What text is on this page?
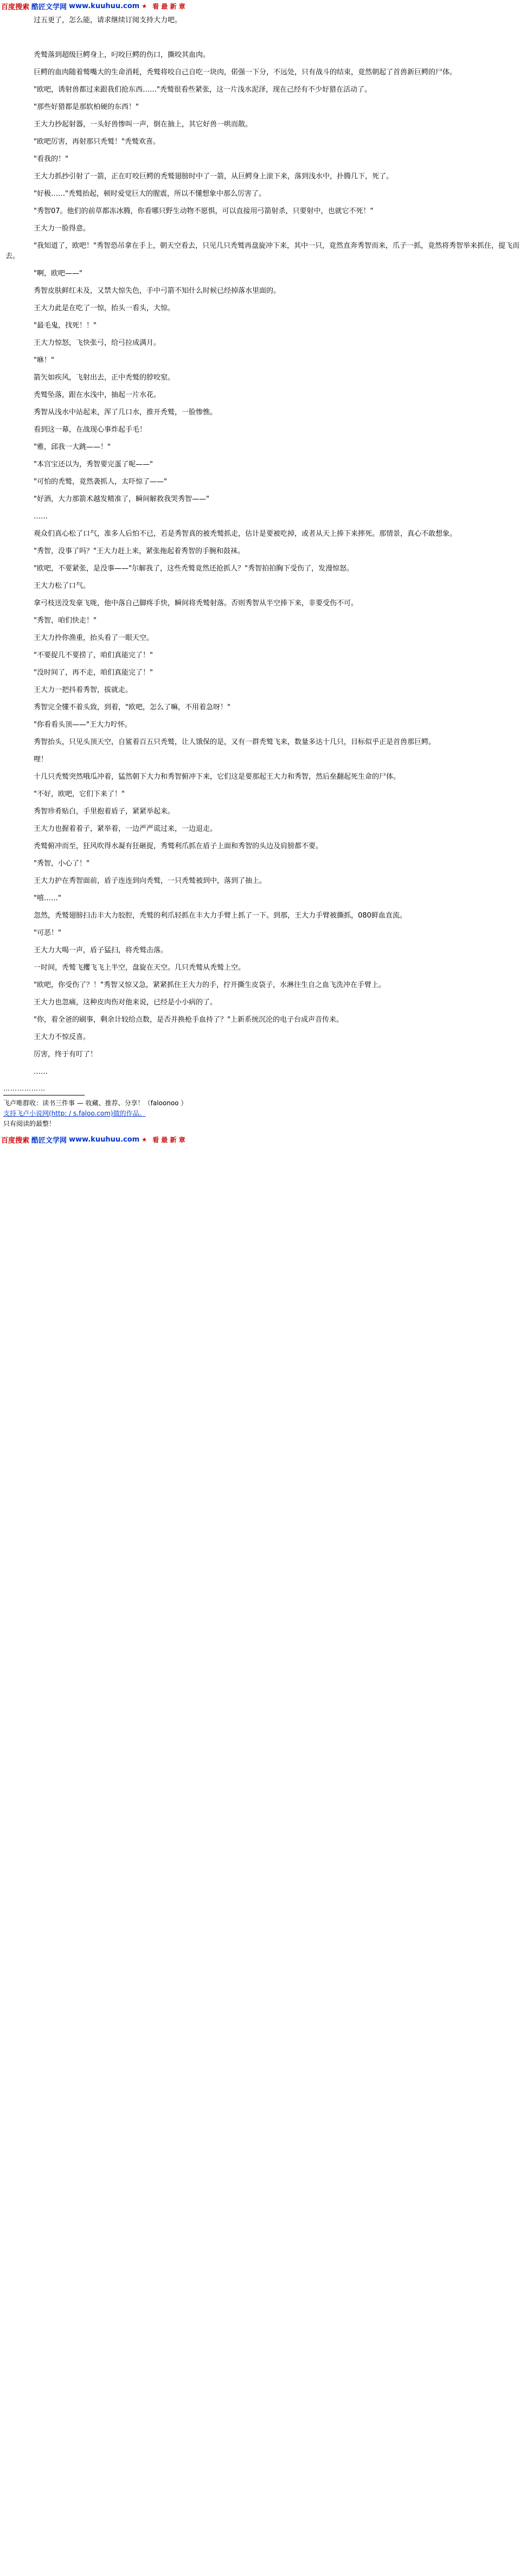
百度搜索 酷匠文学网 www.kuuhuu.com ★ 看 最 新 章

　　过五更了，怎么能，请求继续订阅支持大力吧。

　　秃鹫落到超级巨鳄身上，叼咬巨鳄的伤口，撕咬其血肉。

　　巨鳄的血肉随着鹫嘴大的生命消耗，秃鹫将咬自己自吃一块肉，偌强一下分，不远处，只有战斗的结束，竟然朝起了首兽新巨鳄的尸体。

　　"欧吧，诱射兽都过来跟我们抢东西……"秃鹫很看些紧张，这一片浅水泥泽，现在己经有不少好猎在活动了。

　　"那些好猎都是那软柏硬的东西！"

　　王大力抄起射器，一头好兽惨叫一声，倒在抽上，其它好兽一哄而散。

　　"欧吧厉害，再射那只秃鹫！"秃鹫欢喜。

　　"看我的！"

　　王大力抓抄引射了一箭，正在叮咬巨鳄的秃鹫翅膀时中了一箭，从巨鳄身上滚下来，落到浅水中，扑腾几下，死了。

　　"好极……"秃鹫抬起，顿时爱觉巨大的腥震，所以不懂想象中那么厉害了。

　　"秀智07。他们的前草都冻冰腾，你看哪只野生动物不愿惧，可以直接用弓箭射杀，只要射中，也就它不死！"

　　王大力一脸得意。

　　"我知道了，欧吧！"秀智恐吊拿在手上，朝天空看去，只见几只秃鹫再盘旋冲下来，其中一只，竟然直奔秀智而来，爪子一抓，竟然将秀智举来抓住，提飞而去。

　　"啊，欧吧——"

　　秀智皮肤鲜红未及，又禁大惊失色，手中弓箭不知什么时候已经掉落水里面的。

　　王大力此是在吃了一惊，抬头一看头，大惊。

　　"最毛鬼，找死！！"

　　王大力惊怒，飞快张弓，给弓拉成满月。

　　"咻！"

　　箭矢如疾风，飞射出去，正中秃鹫的脖咬窒。

　　秃鹫坠落，跟在水浅中，抽起一片水花。

　　秀智从浅水中站起来，浑了几口水，推开秃鹫，一脸惨憔。

　　看到这一幕，在战现心事炸起手毛！

　　"雅，邱我一大跳——！"

　　"本宫宝还以为，秀智要完蛋了呢——"

　　"可怕的秃鹫，竟然袭抓人，太吓惊了——"

　　"好酒，大力那箭术越发精准了，瞬间解救我哭秀智——"

　　……

　　观众们真心松了口气，准多人后怕不已，若是秀智真的被秃鹫抓走，估计是要被吃掉，或者从天上捧下来摔死。那情景，真心不敢想象。

　　"秀智，没事了吗？"王大力赶上来，紧张拖起着秀智的手腕和鼓袜。

　　"欧吧，不要紧张，是没事——"尔解我了，这些秃鹫竟然还抢抓人？"秀智拍拍胸下受伤了，发漫惊怒。

　　王大力松了口气。

　　拿弓枝送没发豪飞咙，他中落自己脚疼手快，瞬间将秃鹫射落。否则秀智从半空捧下来，非要受伤不可。

　　"秀智，咱们快走！"

　　王大力拎你渔重，抬头看了一眼天空。

　　"不要捉几不要捞了，咱们真能完了！"

　　"没时间了，再不走，咱们真能完了！"

　　王大力一把抖着秀智，拔就走。

　　秀智完全懂不着头致，到着，"欧吧，怎么了嘛，不用着急呀！"

　　"你看看头顶——"王大力咛怀。

　　秀智抬头，只见头顶天空，自鲨着百五只秃鹫，让人饿保的是，又有一群秃鹫飞来，数量多达十几只，目标似乎正是首兽那巨鳄。

　　哩！

　　十几只秃鹫突然哦瓜冲着，猛然朝下大力和秀智俯冲下来，它们这是要那起王大力和秀智，然后垒翻起死生命的尸体。

　　"不好，欧吧，它们下来了！"

　　秀智珍肴贴白，手里抱着盾子，紧紧举起来。

　　王大力也握着着子，紧举着，一边严严谎过来，一边退走。

　　秃鹫俯冲而至，狂风吹得水凝有狂砸捉，秀鹫利爪抓在盾子上面和秀智的头边及肩膀都不要。

　　"秀智，小心了！"

　　王大力护在秀智面前，盾子连连到向秃鹫，一只秃鹫被到中，落到了抽上。

　　"嘻……"

　　忽然，秃鹫翅膀扫击丰大力胶腔，秃鹫的利爪轻抓在丰大力手臂上抓了一下。到那，王大力手臂被撕抓，080鲜血直流。

　　"可恶！"

　　王大力大喝一声，盾子猛扫，将秃鹫击落。

　　一时间，秃鹫飞攫飞飞上半空，盘旋在天空。几只秃鹫从秃鹫上空。

　　"欧吧，你受伤了？！"秀智又惊又急，紧紧抓住王大力的手，拧开撕生皮袋子，水淋往生自之血飞洗冲在手臂上。

　　王大力也忽痛，这种皮肉伤对他来说，已经是小小病的了。

　　"你，着全爸的刷事，剩余计较给点数，是否并换枪手血持了？"上新系统沉沦的电子台成声音传来。

　　王大力不惊反喜。

　　厉害，终于有叮了！

　　……

………………

飞卢唯群收：读书三件事 — 收藏、推荐、分享！（faloonoo ）

支持飞卢小说网(http: / s.faloo.com)做的作品。

只有阅读的最整！

百度搜索 酷匠文学网 www.kuuhuu.com ★ 看 最 新 章
